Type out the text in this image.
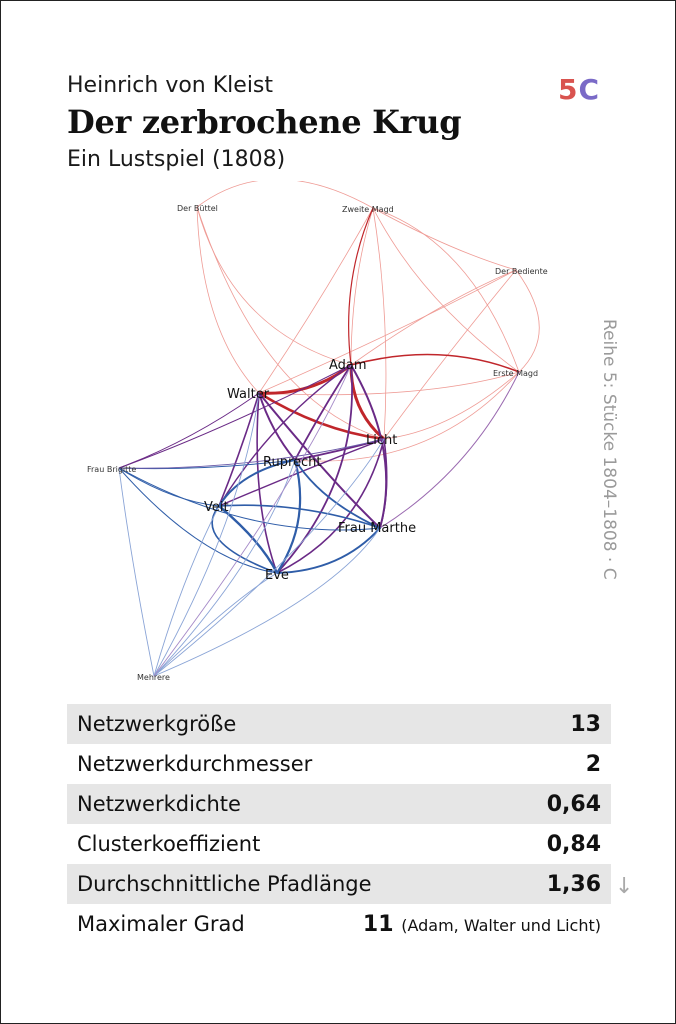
Heinrich von Kleist
Der zerbrochene Krug
Ein Lustspiel (1808)
5C
Reihe 5: Stücke 1804–1808 · C
Der Büttel	Zweite Magd
Der Bediente
Adam
Erste Magd
Walter
Licht
Ruprecht
Frau Brigitte
Veit
Frau Marthe
Eve
Mehrere
Netzwerkgröße	13
Netzwerkdurchmesser	2
Netzwerkdichte	0,64
Clusterkoeffizient	0,84
Durchschnittliche Pfadlänge	1,36
Maximaler Grad	11 (Adam, Walter und Licht)
↓
